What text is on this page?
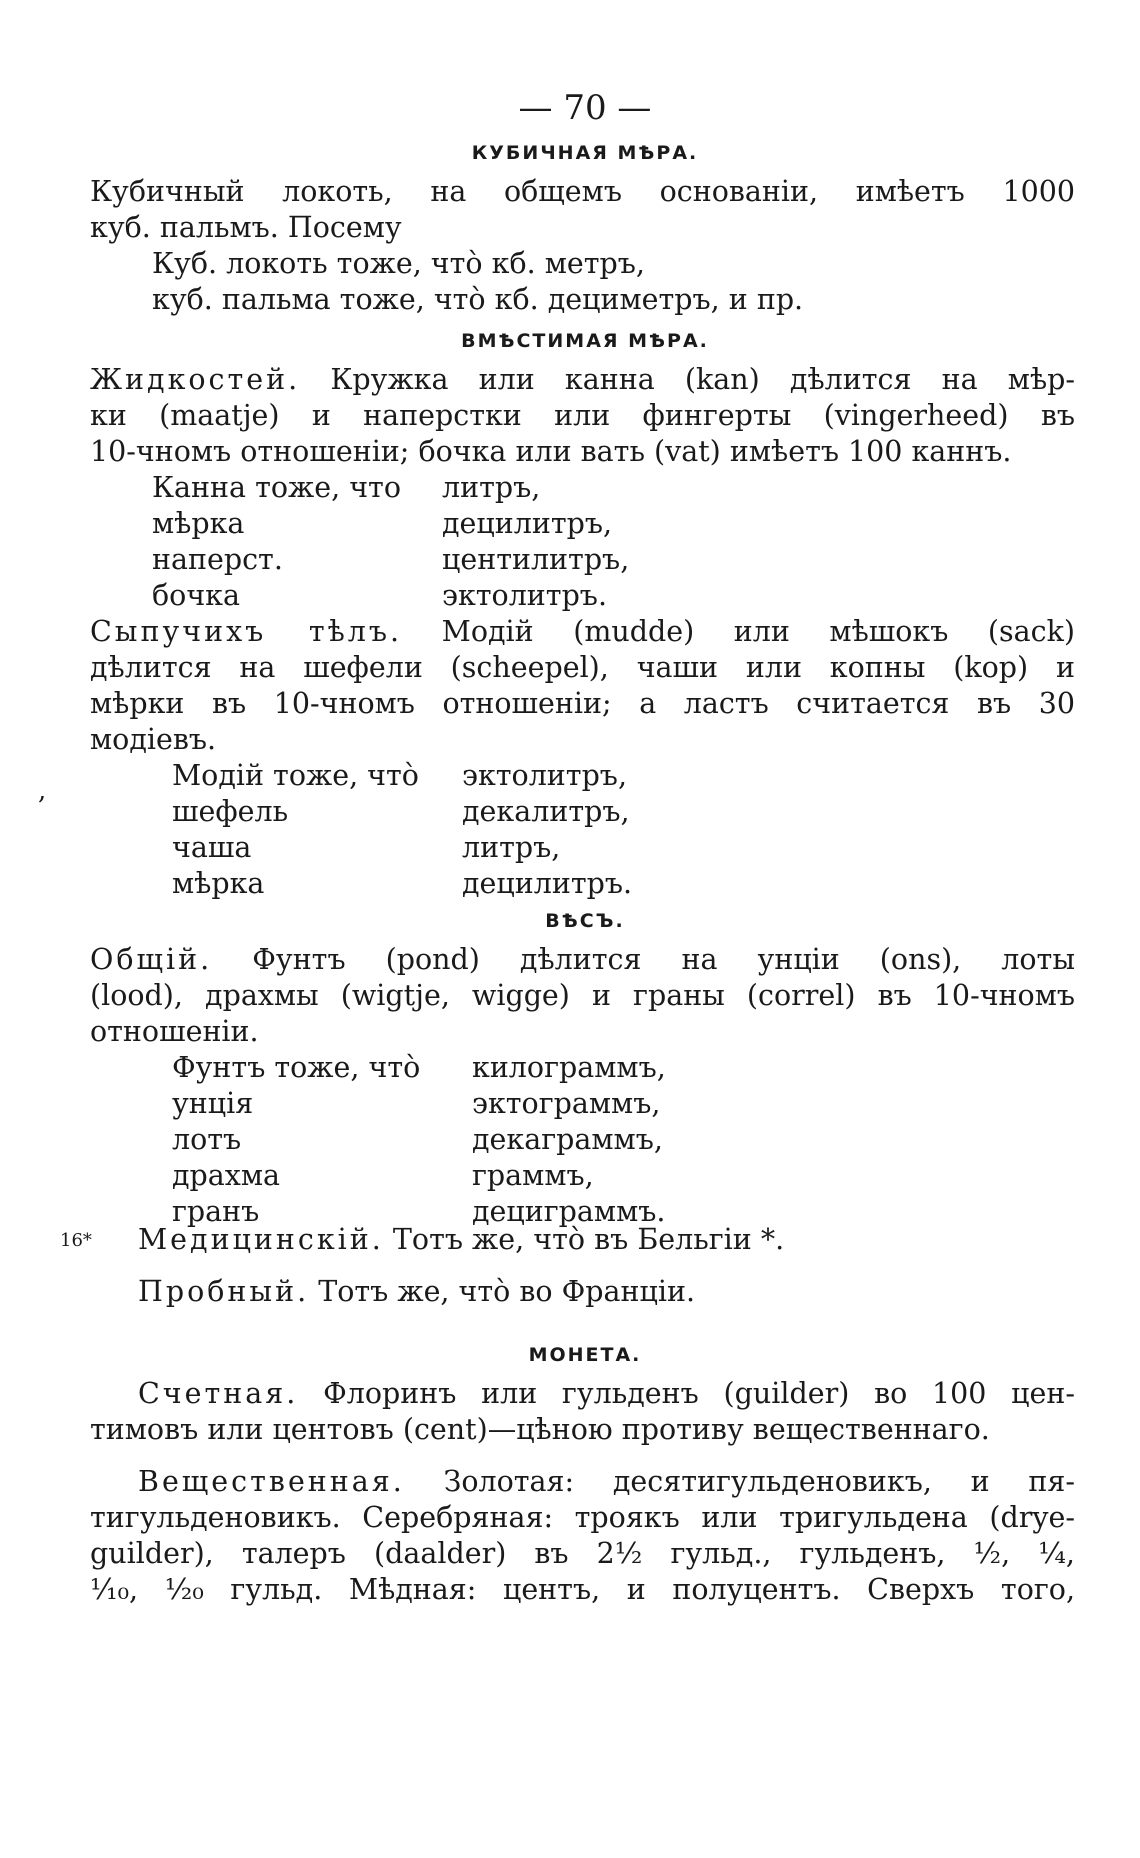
— 70 —
КУБИЧНАЯ МѢРА.
Кубичный локоть, на общемъ основаніи, имѣетъ 1000
куб. пальмъ. Посему
Куб. локоть тоже, что̀ кб. метръ,
куб. пальма тоже, что̀ кб. дециметръ, и пр.
ВМѢСТИМАЯ МѢРА.
Жидкостей. Кружка или канна (kan) дѣлится на мѣр-
ки (maatje) и наперстки или фингерты (vingerheed) въ
10-чномъ отношеніи; бочка или вать (vat) имѣетъ 100 каннъ.
Канна тоже, что	литръ,
мѣрка	децилитръ,
наперст.	центилитръ,
бочка	эктолитръ.
Сыпучихъ тѣлъ. Модій (mudde) или мѣшокъ (sack)
дѣлится на шефели (scheepel), чаши или копны (kop) и
мѣрки въ 10-чномъ отношеніи; а ластъ считается въ 30
модіевъ.
Модій тоже, что̀	эктолитръ,
шефель	декалитръ,
чаша	литръ,
мѣрка	децилитръ.
,
ВѢСЪ.
Общій. Фунтъ (pond) дѣлится на унціи (ons), лоты
(lood), драхмы (wigtje, wigge) и граны (correl) въ 10-чномъ
отношеніи.
Фунтъ тоже, что̀	килограммъ,
унція	эктограммъ,
лотъ	декаграммъ,
драхма	граммъ,
гранъ	дециграммъ.
16* Медицинскій. Тотъ же, что̀ въ Бельгіи *.
Пробный. Тотъ же, что̀ во Франціи.
МОНЕТА.
Счетная. Флоринъ или гульденъ (guilder) во 100 цен-
тимовъ или центовъ (cent)—цѣною противу вещественнаго.
Вещественная. Золотая: десятигульденовикъ, и пя-
тигульденовикъ. Серебряная: троякъ или тригульдена (drye-
guilder), талеръ (daalder) въ 2½ гульд., гульденъ, ½, ¼,
¹⁄₁₀, ¹⁄₂₀ гульд. Мѣдная: центъ, и полуцентъ. Сверхъ того,
